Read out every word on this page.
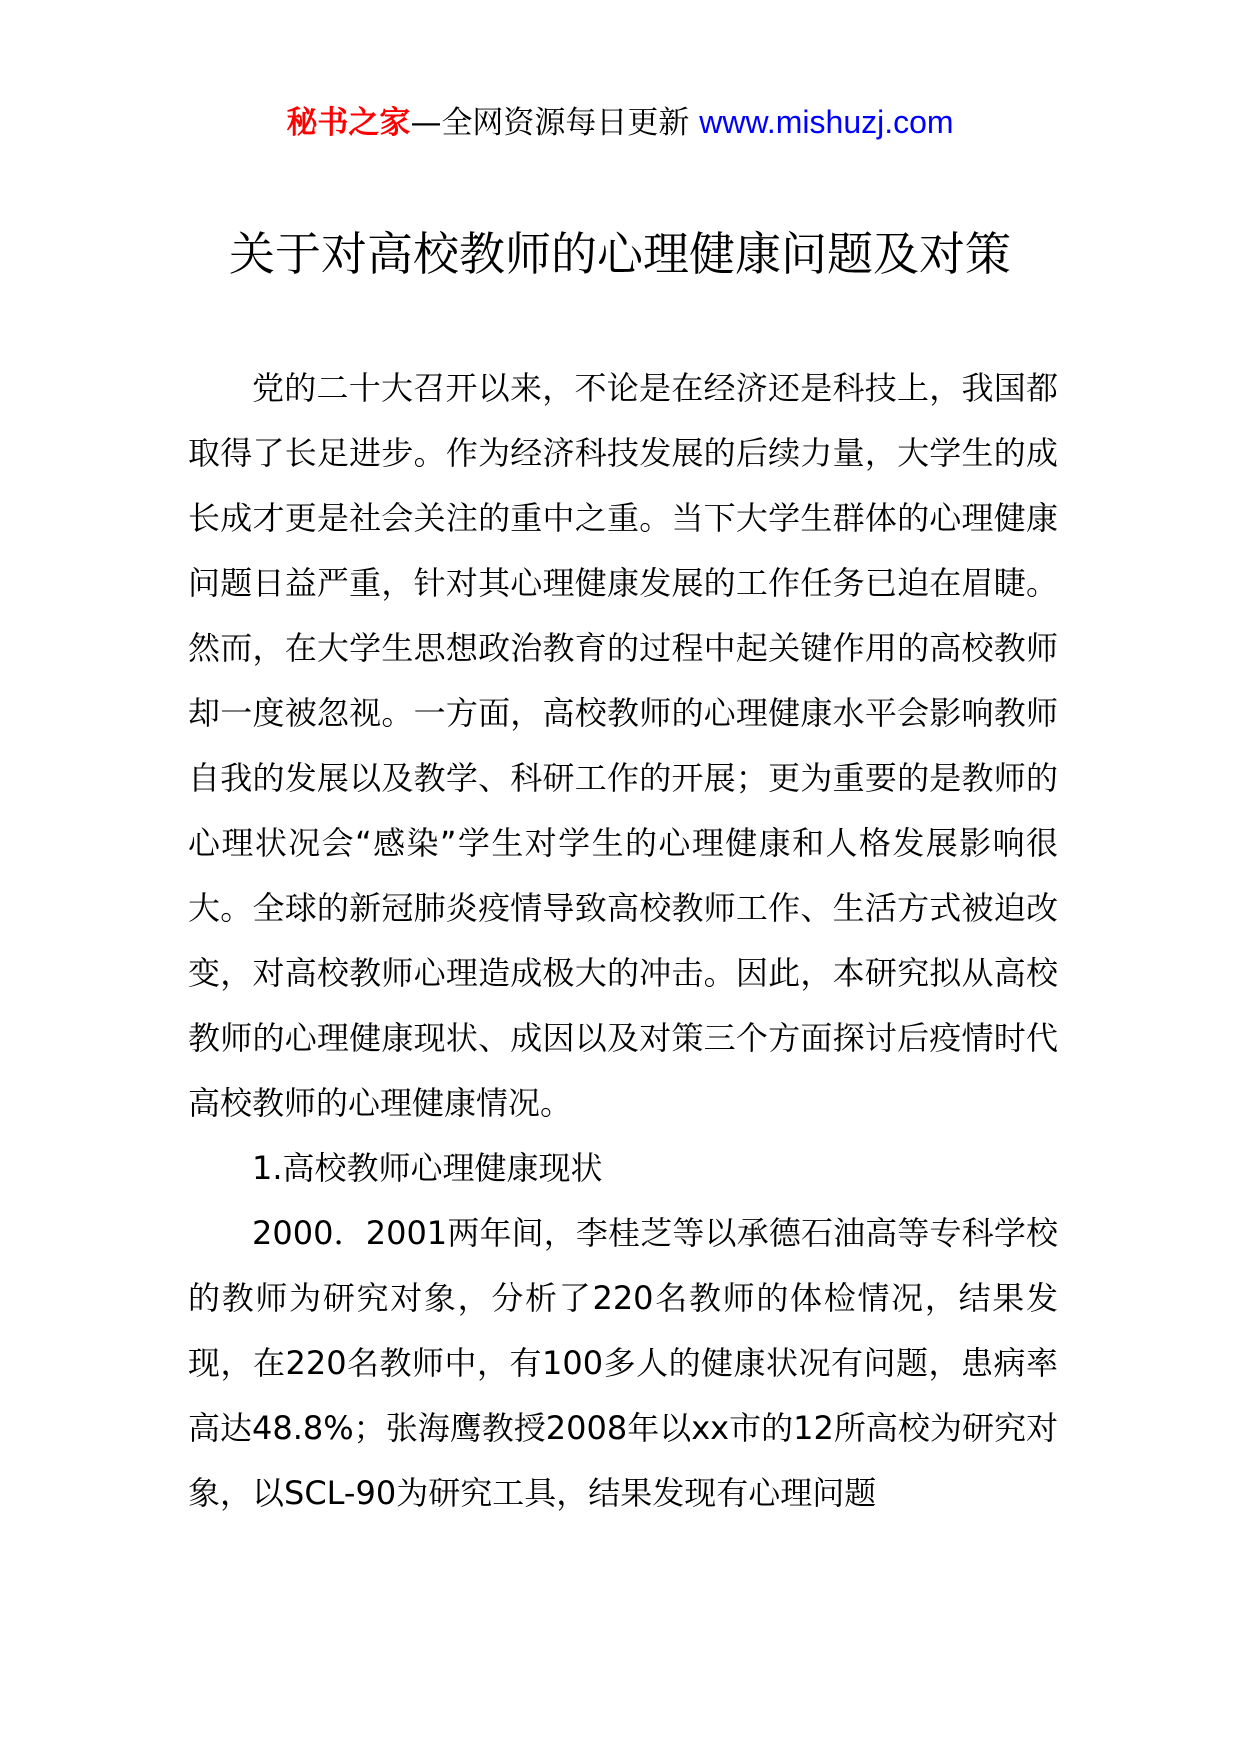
秘书之家—全网资源每日更新 www.mishuzj.com
关于对高校教师的心理健康问题及对策

党的二十大召开以来，不论是在经济还是科技上，我国都取得了长足进步。作为经济科技发展的后续力量，大学生的成长成才更是社会关注的重中之重。当下大学生群体的心理健康问题日益严重，针对其心理健康发展的工作任务已迫在眉睫。然而，在大学生思想政治教育的过程中起关键作用的高校教师却一度被忽视。一方面，高校教师的心理健康水平会影响教师自我的发展以及教学、科研工作的开展；更为重要的是教师的心理状况会“感染”学生对学生的心理健康和人格发展影响很大。全球的新冠肺炎疫情导致高校教师工作、生活方式被迫改变，对高校教师心理造成极大的冲击。因此，本研究拟从高校教师的心理健康现状、成因以及对策三个方面探讨后疫情时代高校教师的心理健康情况。

1.高校教师心理健康现状

2000．2001两年间，李桂芝等以承德石油高等专科学校的教师为研究对象，分析了220名教师的体检情况，结果发现，在220名教师中，有100多人的健康状况有问题，患病率高达48.8%；张海鹰教授2008年以xx市的12所高校为研究对象，以SCL-90为研究工具，结果发现有心理问题
